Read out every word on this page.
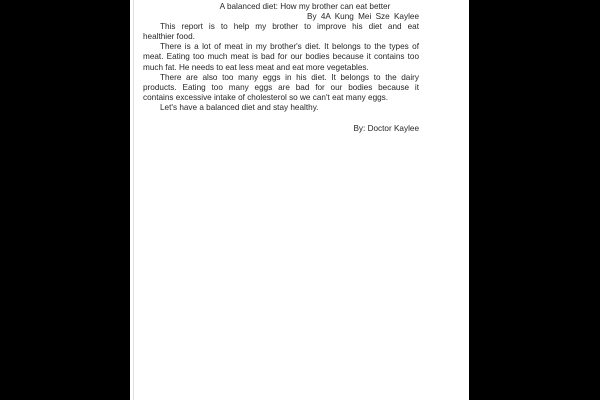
A balanced diet: How my brother can eat better
By 4A Kung Mei Sze Kaylee
This report is to help my brother to improve his diet and eat
healthier food.
There is a lot of meat in my brother's diet. It belongs to the types of
meat. Eating too much meat is bad for our bodies because it contains too
much fat. He needs to eat less meat and eat more vegetables.
There are also too many eggs in his diet. It belongs to the dairy
products. Eating too many eggs are bad for our bodies because it
contains excessive intake of cholesterol so we can't eat many eggs.
Let's have a balanced diet and stay healthy.
By: Doctor Kaylee
